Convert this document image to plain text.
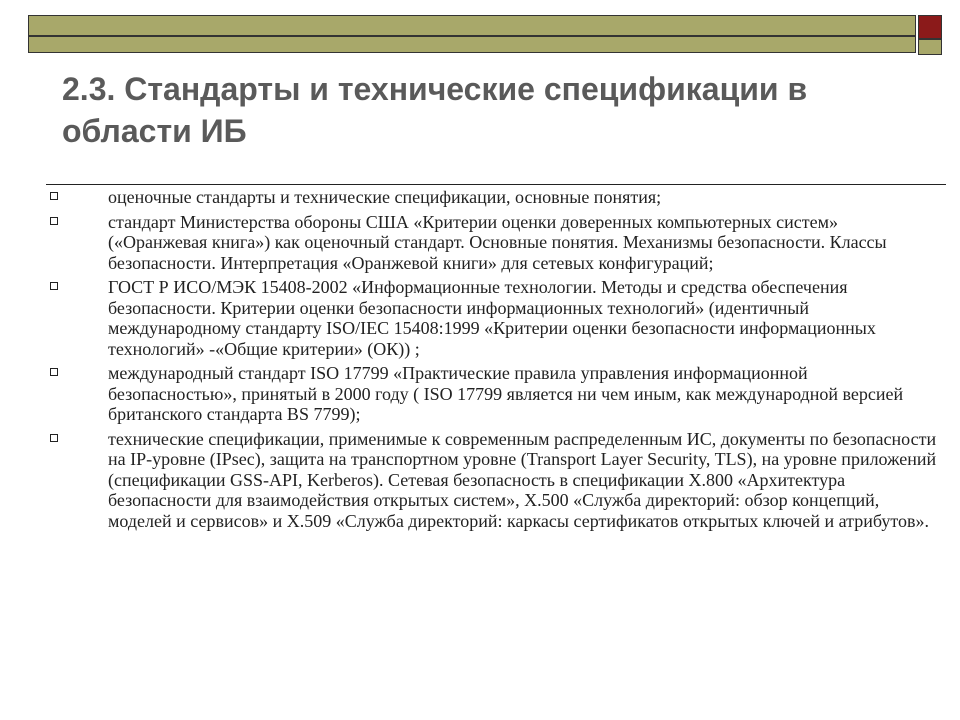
2.3. Стандарты и технические спецификации в области ИБ
оценочные стандарты и технические спецификации, основные понятия;
стандарт Министерства обороны США «Критерии оценки доверенных компьютерных систем» («Оранжевая книга») как оценочный стандарт. Основные понятия. Механизмы безопасности. Классы безопасности. Интерпретация «Оранжевой книги» для сетевых конфигураций;
ГОСТ Р ИСО/МЭК 15408-2002 «Информационные технологии. Методы и средства обеспечения безопасности. Критерии оценки безопасности информационных технологий» (идентичный международному стандарту ISO/IEC 15408:1999 «Критерии оценки безопасности информационных технологий» -«Общие критерии» (ОК)) ;
международный стандарт ISO 17799 «Практические правила управления информационной безопасностью», принятый в 2000 году ( ISO 17799 является ни чем иным, как международной версией британского стандарта BS 7799);
технические спецификации, применимые к современным распределенным ИС, документы по безопасности на IP-уровне (IPsec), защита на транспортном уровне (Transport Layer Security, TLS), на уровне приложений (спецификации GSS-API, Kerberos). Сетевая безопасность в спецификации X.800 «Архитектура безопасности для взаимодействия открытых систем», X.500 «Служба директорий: обзор концепций, моделей и сервисов» и X.509 «Служба директорий: каркасы сертификатов открытых ключей и атрибутов».
